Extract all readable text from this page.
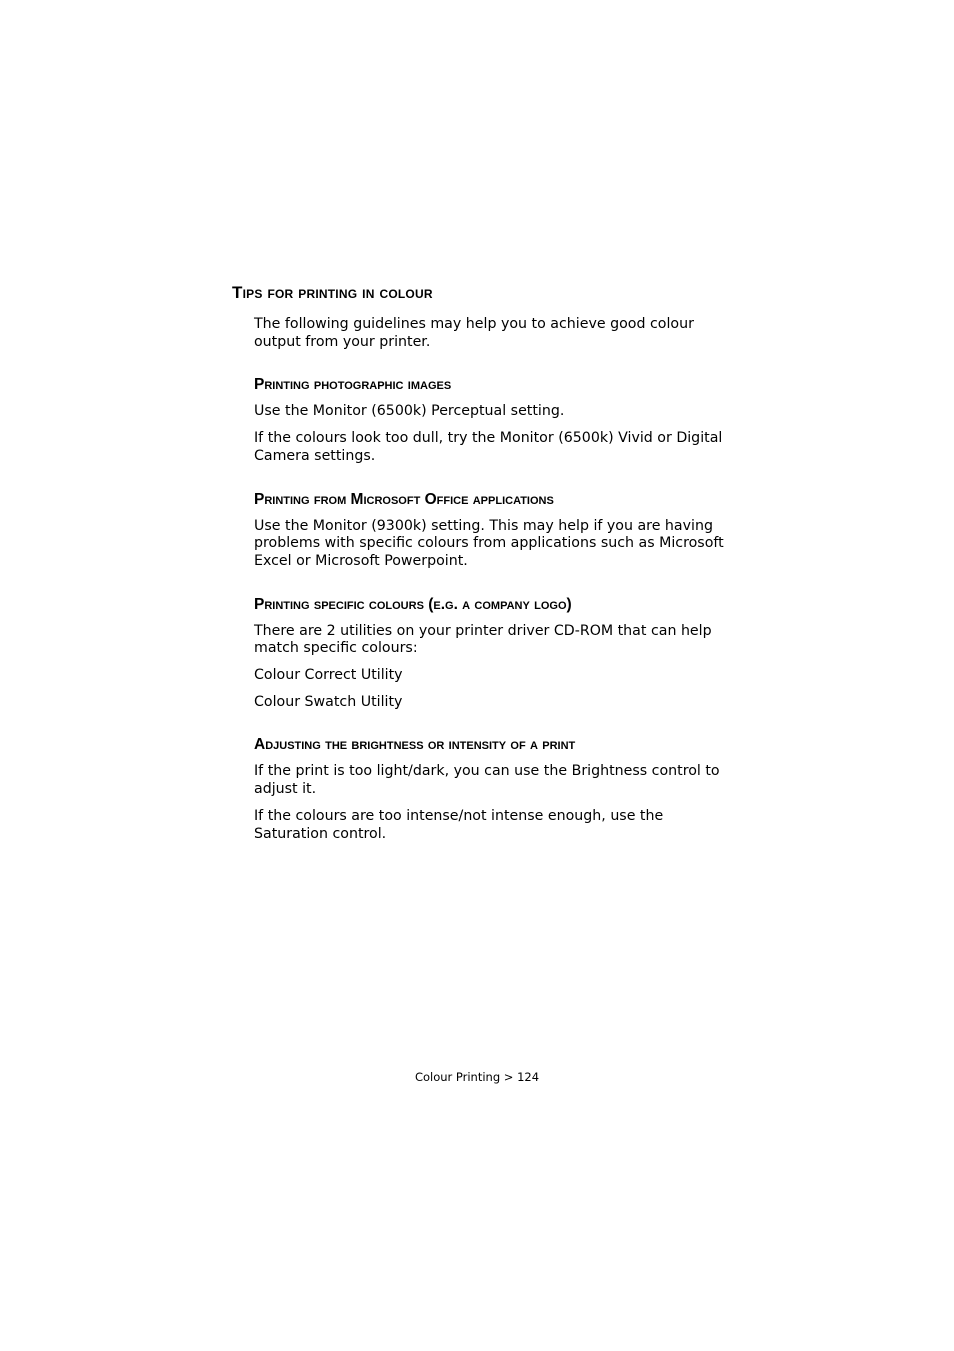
Tips for printing in colour

The following guidelines may help you to achieve good colour output from your printer.

Printing photographic images

Use the Monitor (6500k) Perceptual setting.

If the colours look too dull, try the Monitor (6500k) Vivid or Digital Camera settings.

Printing from Microsoft Office applications

Use the Monitor (9300k) setting. This may help if you are having problems with specific colours from applications such as Microsoft Excel or Microsoft Powerpoint.

Printing specific colours (e.g. a company logo)

There are 2 utilities on your printer driver CD-ROM that can help match specific colours:

Colour Correct Utility

Colour Swatch Utility

Adjusting the brightness or intensity of a print

If the print is too light/dark, you can use the Brightness control to adjust it.

If the colours are too intense/not intense enough, use the Saturation control.

Colour Printing > 124
